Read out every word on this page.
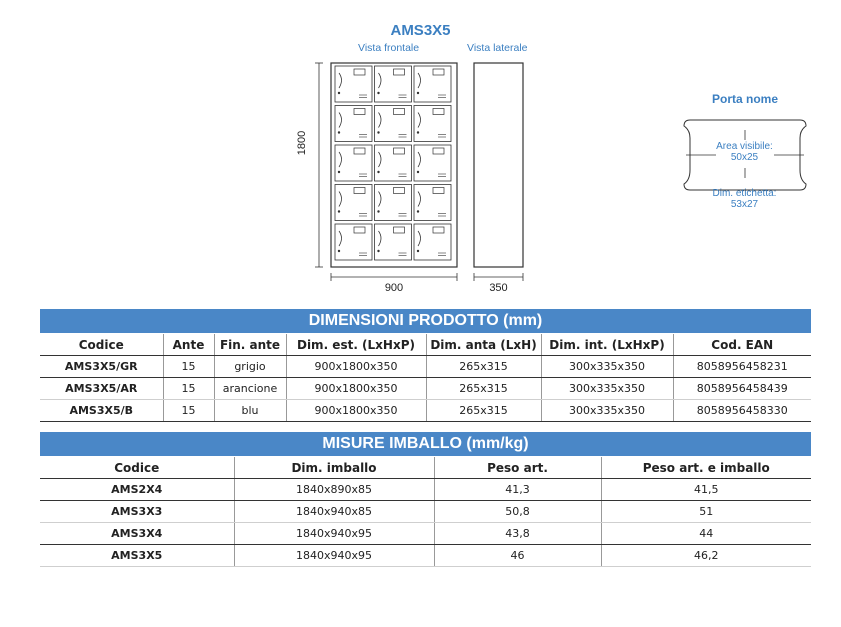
AMS3X5
Vista frontale	Vista laterale
1800
900	350
Porta nome
Area visibile:
50x25
Dim. etichetta:
53x27
DIMENSIONI PRODOTTO (mm)
Codice	Ante	Fin. ante	Dim. est. (LxHxP)	Dim. anta (LxH)	Dim. int. (LxHxP)	Cod. EAN
AMS3X5/GR	15	grigio	900x1800x350	265x315	300x335x350	8058956458231
AMS3X5/AR	15	arancione	900x1800x350	265x315	300x335x350	8058956458439
AMS3X5/B	15	blu	900x1800x350	265x315	300x335x350	8058956458330
MISURE IMBALLO (mm/kg)
Codice	Dim. imballo	Peso art.	Peso art. e imballo
AMS2X4	1840x890x85	41,3	41,5
AMS3X3	1840x940x85	50,8	51
AMS3X4	1840x940x95	43,8	44
AMS3X5	1840x940x95	46	46,2
